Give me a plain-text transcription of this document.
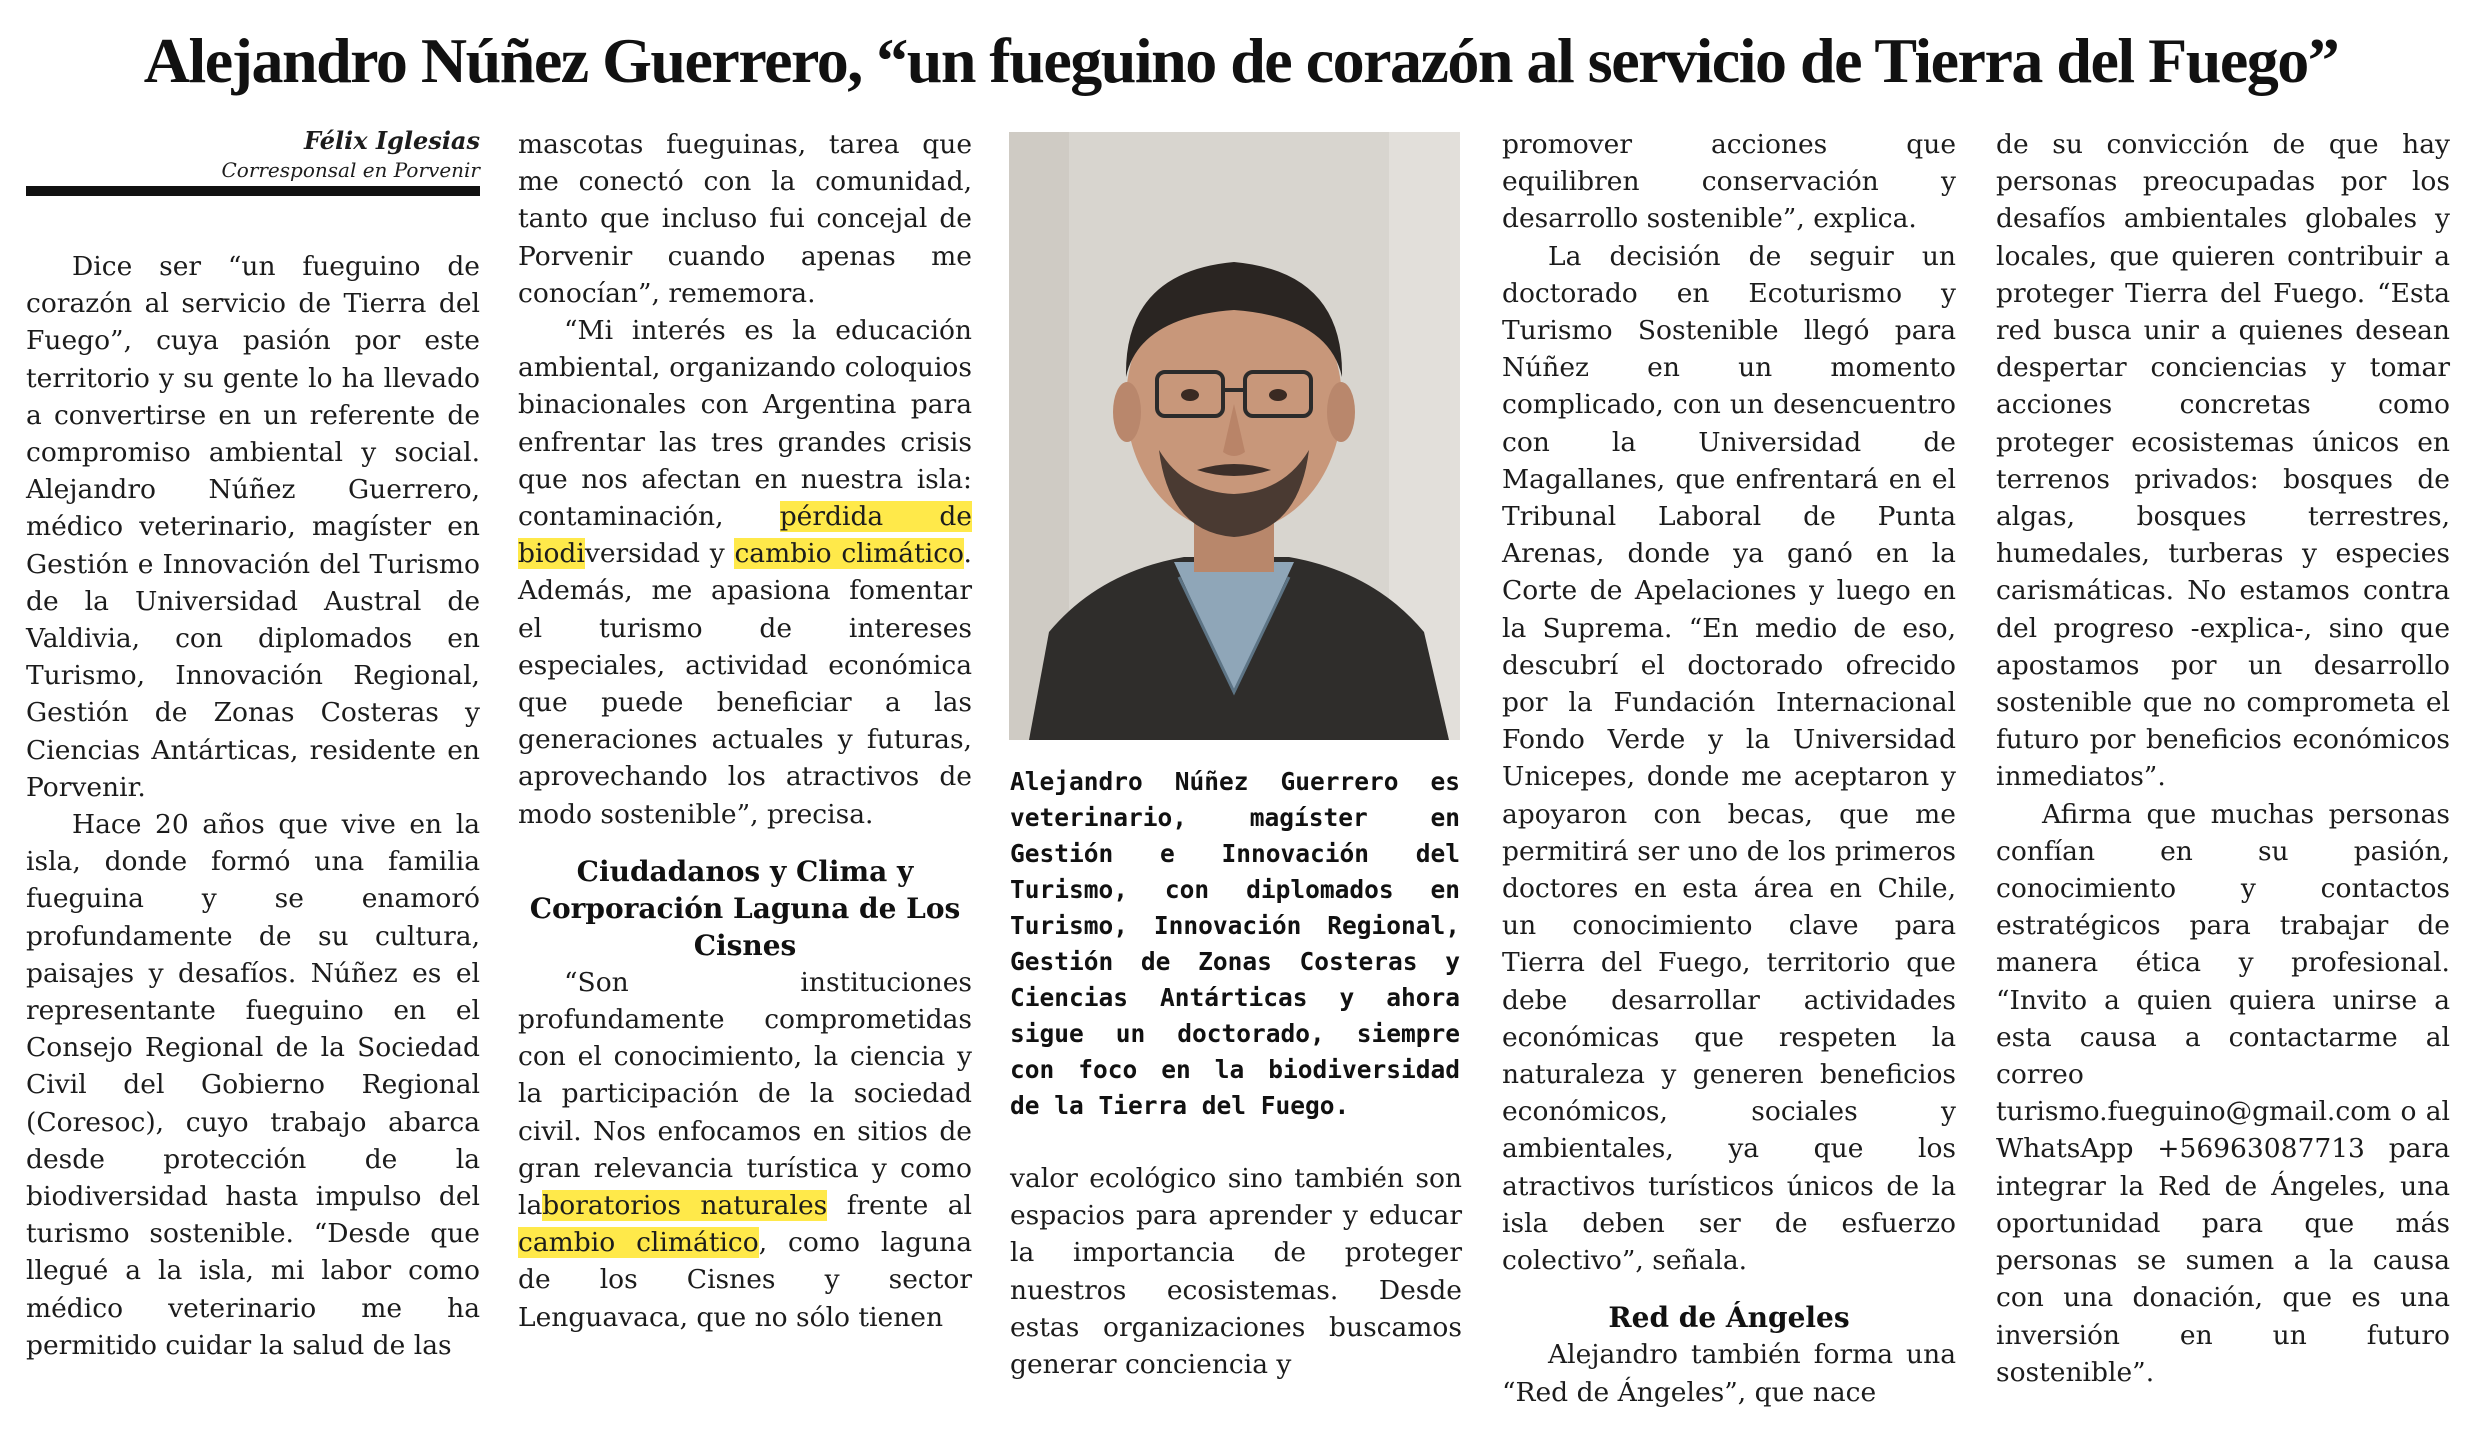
Alejandro Núñez Guerrero, “un fueguino de corazón al servicio de Tierra del Fuego”
Félix Iglesias
Corresponsal en Porvenir

Dice ser “un fueguino de corazón al servicio de Tierra del Fuego”, cuya pasión por este territorio y su gente lo ha llevado a convertirse en un referente de compromiso ambiental y social. Alejandro Núñez Guerrero, médico veterinario, magíster en Gestión e Innovación del Turismo de la Universidad Austral de Valdivia, con diplomados en Turismo, Innovación Regional, Gestión de Zonas Costeras y Ciencias Antárticas, residente en Porvenir.

Hace 20 años que vive en la isla, donde formó una familia fueguina y se enamoró profundamente de su cultura, paisajes y desafíos. Núñez es el representante fueguino en el Consejo Regional de la Sociedad Civil del Gobierno Regional (Coresoc), cuyo trabajo abarca desde protección de la biodiversidad hasta impulso del turismo sostenible. “Desde que llegué a la isla, mi labor como médico veterinario me ha permitido cuidar la salud de las

mascotas fueguinas, tarea que me conectó con la comunidad, tanto que incluso fui concejal de Porvenir cuando apenas me conocían”, rememora.

“Mi interés es la educación ambiental, organizando coloquios binacionales con Argentina para enfrentar las tres grandes crisis que nos afectan en nuestra isla: contaminación, pérdida de biodiversidad y cambio climático. Además, me apasiona fomentar el turismo de intereses especiales, actividad económica que puede beneficiar a las generaciones actuales y futuras, aprovechando los atractivos de modo sostenible”, precisa.

Ciudadanos y Clima y Corporación Laguna de Los Cisnes

“Son instituciones profundamente comprometidas con el conocimiento, la ciencia y la participación de la sociedad civil. Nos enfocamos en sitios de gran relevancia turística y como laboratorios naturales frente al cambio climático, como laguna de los Cisnes y sector Lenguavaca, que no sólo tienen

Alejandro Núñez Guerrero es veterinario, magíster en Gestión e Innovación del Turismo, con diplomados en Turismo, Innovación Regional, Gestión de Zonas Costeras y Ciencias Antárticas y ahora sigue un doctorado, siempre con foco en la biodiversidad de la Tierra del Fuego.

valor ecológico sino también son espacios para aprender y educar la importancia de proteger nuestros ecosistemas. Desde estas organizaciones buscamos generar conciencia y

promover acciones que equilibren conservación y desarrollo sostenible”, explica.

La decisión de seguir un doctorado en Ecoturismo y Turismo Sostenible llegó para Núñez en un momento complicado, con un desencuentro con la Universidad de Magallanes, que enfrentará en el Tribunal Laboral de Punta Arenas, donde ya ganó en la Corte de Apelaciones y luego en la Suprema. “En medio de eso, descubrí el doctorado ofrecido por la Fundación Internacional Fondo Verde y la Universidad Unicepes, donde me aceptaron y apoyaron con becas, que me permitirá ser uno de los primeros doctores en esta área en Chile, un conocimiento clave para Tierra del Fuego, territorio que debe desarrollar actividades económicas que respeten la naturaleza y generen beneficios económicos, sociales y ambientales, ya que los atractivos turísticos únicos de la isla deben ser de esfuerzo colectivo”, señala.

Red de Ángeles

Alejandro también forma una “Red de Ángeles”, que nace

de su convicción de que hay personas preocupadas por los desafíos ambientales globales y locales, que quieren contribuir a proteger Tierra del Fuego. “Esta red busca unir a quienes desean despertar conciencias y tomar acciones concretas como proteger ecosistemas únicos en terrenos privados: bosques de algas, bosques terrestres, humedales, turberas y especies carismáticas. No estamos contra del progreso -explica-, sino que apostamos por un desarrollo sostenible que no comprometa el futuro por beneficios económicos inmediatos”.

Afirma que muchas personas confían en su pasión, conocimiento y contactos estratégicos para trabajar de manera ética y profesional. “Invito a quien quiera unirse a esta causa a contactarme al correo turismo.fueguino@gmail.com o al WhatsApp +56963087713 para integrar la Red de Ángeles, una oportunidad para que más personas se sumen a la causa con una donación, que es una inversión en un futuro sostenible”.
